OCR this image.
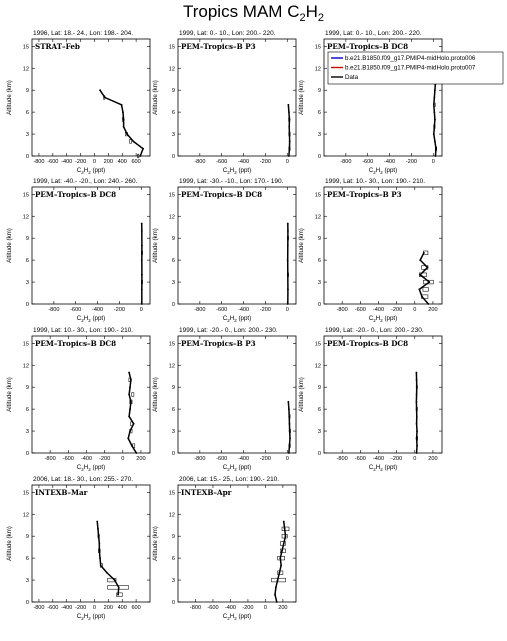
Tropics MAM $C_2H_2$
1996, Lat: 18.- 24., Lon: 198.- 204.
-800 -600 -400 -200 0 200 400 600
0
3
6
9
12
15
$C_2H_2$ (ppt)
Altitude (km)
STRAT–Feb
1999, Lat: 0.- 10., Lon: 200.- 220.
-800 -600 -400 -200	0
0
3
6
9
12
15
$C_2H_2$ (ppt)
Altitude (km)
PEM–Tropics–B P3
1999, Lat: 0.- 10., Lon: 200.- 220.
-800 -600 -400 -200	0
0
3
6
9
12
15
$C_2H_2$ (ppt)
Altitude (km)
PEM–Tropics–B DC8
1999, Lat: -40.- -20., Lon: 240.- 260.
-800 -600 -400 -200	0
0
3
6
9
12
15
$C_2H_2$ (ppt)
Altitude (km)
PEM–Tropics–B DC8
1999, Lat: -30.- -10., Lon: 170.- 190.
-800 -600 -400 -200	0
0
3
6
9
12
15
$C_2H_2$ (ppt)
Altitude (km)
PEM–Tropics–B DC8
1999, Lat: 10.- 30., Lon: 190.- 210.
-800 -600 -400 -200 0 200
0
3
6
9
12
15
$C_2H_2$ (ppt)
Altitude (km)
PEM–Tropics–B P3
1999, Lat: 10.- 30., Lon: 190.- 210.
-800 -600 -400 -200 0 200
0
3
6
9
12
15
$C_2H_2$ (ppt)
Altitude (km)
PEM–Tropics–B DC8
1999, Lat: -20.- 0., Lon: 200.- 230.
-800 -600 -400 -200	0
0
3
6
9
12
15
$C_2H_2$ (ppt)
Altitude (km)
PEM–Tropics–B P3
1999, Lat: -20.- 0., Lon: 200.- 230.
-800 -600 -400 -200 0 200
0
3
6
9
12
15
$C_2H_2$ (ppt)
Altitude (km)
PEM–Tropics–B DC8
2006, Lat: 18.- 30., Lon: 255.- 270.
-800 -600 -400 -200 0 200 400 600
0
3
6
9
12
15
$C_2H_2$ (ppt)
Altitude (km)
INTEXB–Mar
2006, Lat: 15.- 25., Lon: 190.- 210.
-800 -600 -400 -200 0 200
0
3
6
9
12
15
$C_2H_2$ (ppt)
Altitude (km)
INTEXB–Apr
b.e21.B1850.f09_g17.PMIP4-midHolo.proto006
b.e21.B1850.f09_g17.PMIP4-midHolo.proto007
Data
